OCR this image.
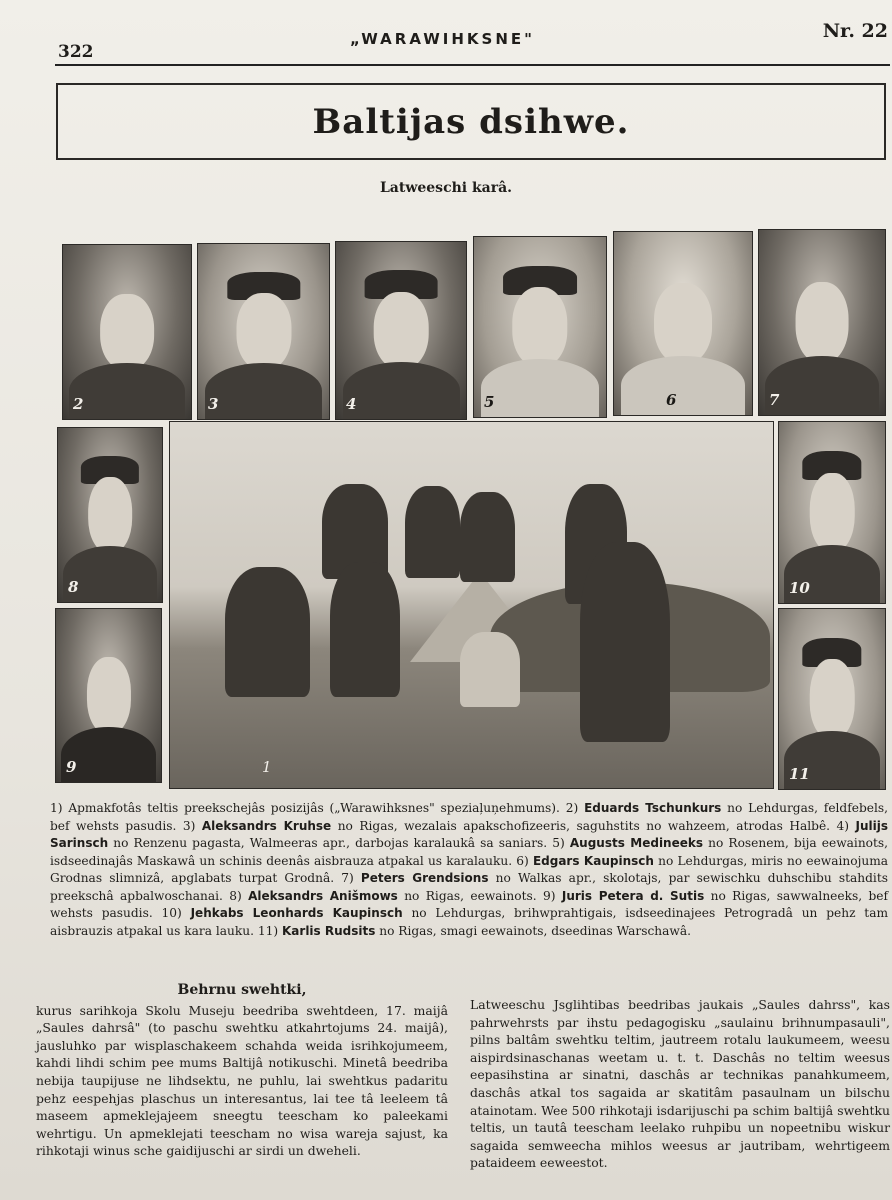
322
„WARAWIHKSNE"	Nr. 22
Baltijas dsihwe.
Latweeschi karâ.
2	3	4	5	6	7
8
9
10
11
1
1) Apmakfotâs teltis preekschejâs posizijâs („Warawihksnes" speziaļuņehmums). 2) Eduards Tschunkurs no Lehdurgas, feldfebels, bef wehsts pasudis. 3) Aleksandrs Kruhse no Rigas, wezalais apakschofizeeris, saguhstits no wahzeem, atrodas Halbê. 4) Julijs Sarinsch no Renzenu pagasta, Walmeeras apr., darbojas karalaukâ sa saniars. 5) Augusts Medineeks no Rosenem, bija eewainots, isdseedinajâs Maskawâ un schinis deenâs aisbrauza atpakal us karalauku. 6) Edgars Kaupinsch no Lehdurgas, miris no eewainojuma Grodnas slimnizâ, apglabats turpat Grodnâ. 7) Peters Grendsions no Walkas apr., skolotajs, par sewischku duhschibu stahdits preekschâ apbalwoschanai. 8) Aleksandrs Anišmows no Rigas, eewainots. 9) Juris Petera d. Sutis no Rigas, sawwalneeks, bef wehsts pasudis. 10) Jehkabs Leonhards Kaupinsch no Lehdurgas, brihwprahtigais, isdseedinajees Petrogradâ un pehz tam aisbrauzis atpakal us kara lauku. 11) Karlis Rudsits no Rigas, smagi eewainots, dseedinas Warschawâ.
Behrnu swehtki,
kurus sarihkoja Skolu Museju beedriba swehtdeen, 17. maijâ „Saules dahrsâ" (to paschu swehtku atkahrtojums 24. maijâ), jausluhko par wisplaschakeem schahda weida isrihkojumeem, kahdi lihdi schim pee mums Baltijâ notikuschi. Minetâ beedriba nebija taupijuse ne lihdsektu, ne puhlu, lai swehtkus padaritu pehz eespehjas plaschus un interesantus, lai tee tâ leeleem tâ maseem apmeklejajeem sneegtu teescham ko paleekami wehrtigu. Un apmeklejati teescham no wisa wareja sajust, ka rihkotaji winus sche gaidijuschi ar sirdi un dweheli.
Latweeschu Jsglihtibas beedribas jaukais „Saules dahrss", kas pahrwehrsts par ihstu pedagogisku „saulainu brihnumpasauli", pilns baltâm swehtku teltim, jautreem rotalu laukumeem, weesu aispirdsinaschanas weetam u. t. t. Daschâs no teltim weesus eepasihstina ar sinatni, daschâs ar technikas panahkumeem, daschâs atkal tos sagaida ar skatitâm pasaulnam un bilschu atainotam. Wee 500 rihkotaji isdarijuschi pa schim baltijâ swehtku teltis, un tautâ teescham leelako ruhpibu un nopeetnibu wiskur sagaida semweecha mihlos weesus ar jautribam, wehrtigeem pataideem eeweestot.
